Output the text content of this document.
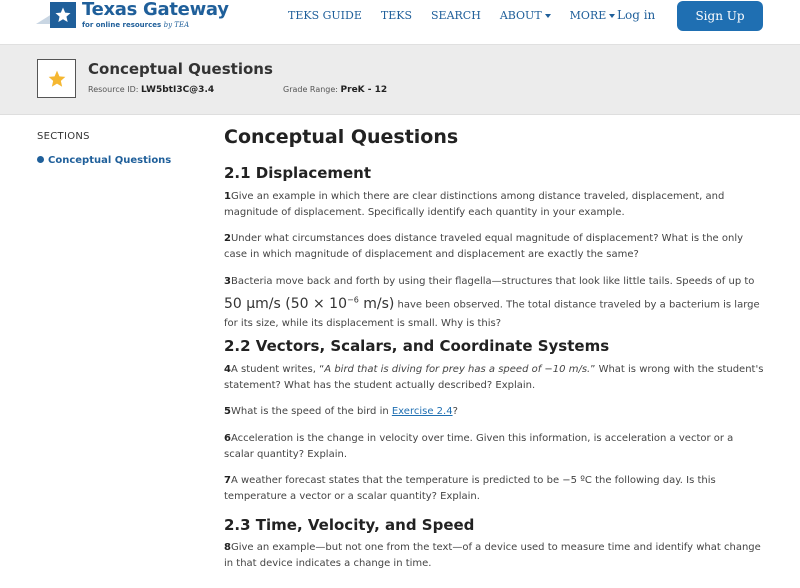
Texas Gateway
for online resources by TEA
TEKS GUIDE TEKS SEARCH ABOUT	MORE Log in	Sign Up
Conceptual Questions
Resource ID: LW5btI3C@3.4	Grade Range: PreK - 12
SECTIONS
Conceptual Questions
Conceptual Questions
2.1 Displacement
1Give an example in which there are clear distinctions among distance traveled, displacement, and magnitude of displacement. Specifically identify each quantity in your example.
2Under what circumstances does distance traveled equal magnitude of displacement? What is the only case in which magnitude of displacement and displacement are exactly the same?
3Bacteria move back and forth by using their flagella—structures that look like little tails. Speeds of up to
50 μm/s ($50 \times 10^{-6}$ m/s) have been observed. The total distance traveled by a bacterium is large for its size, while its displacement is small. Why is this?
2.2 Vectors, Scalars, and Coordinate Systems
4A student writes, “A bird that is diving for prey has a speed of −10 m/s.” What is wrong with the student's statement? What has the student actually described? Explain.
5What is the speed of the bird in Exercise 2.4?
6Acceleration is the change in velocity over time. Given this information, is acceleration a vector or a scalar quantity? Explain.
7A weather forecast states that the temperature is predicted to be −5 ºC the following day. Is this temperature a vector or a scalar quantity? Explain.
2.3 Time, Velocity, and Speed
8Give an example—but not one from the text—of a device used to measure time and identify what change in that device indicates a change in time.
